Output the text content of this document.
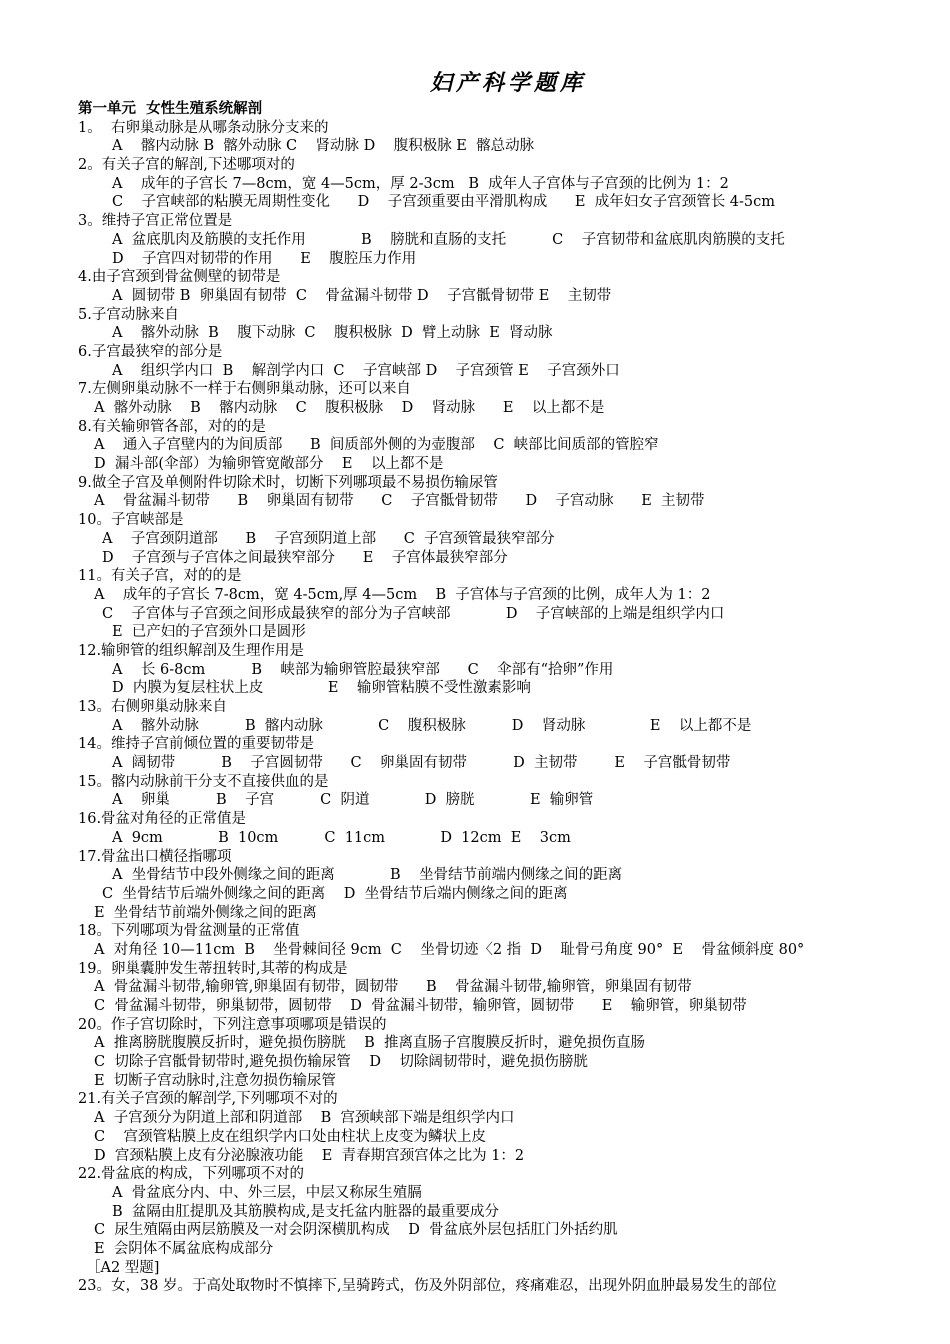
妇产科学题库
第一单元  女性生殖系统解剖
1。  右卵巢动脉是从哪条动脉分支来的
A    髂内动脉 B  髂外动脉 C    肾动脉 D    腹积极脉 E  髂总动脉
2。有关子宫的解剖,下述哪项对的
A    成年的子宫长 7—8cm，宽 4—5cm，厚 2-3cm   B  成年人子宫体与子宫颈的比例为 1：2
C    子宫峡部的粘膜无周期性变化      D    子宫颈重要由平滑肌构成      E  成年妇女子宫颈管长 4-5cm
3。维持子宫正常位置是
A  盆底肌肉及筋膜的支托作用            B    膀胱和直肠的支托          C    子宫韧带和盆底肌肉筋膜的支托
D    子宫四对韧带的作用      E    腹腔压力作用
4.由子宫颈到骨盆侧壁的韧带是
A  圆韧带 B  卵巢固有韧带  C    骨盆漏斗韧带 D    子宫骶骨韧带 E    主韧带
5.子宫动脉来自
A    髂外动脉  B    腹下动脉  C    腹积极脉  D  臂上动脉  E  肾动脉
6.子宫最狭窄的部分是
A    组织学内口  B    解剖学内口  C    子宫峡部 D    子宫颈管 E    子宫颈外口
7.左侧卵巢动脉不一样于右侧卵巢动脉，还可以来自
A  髂外动脉    B    髂内动脉    C    腹积极脉    D    肾动脉      E    以上都不是
8.有关输卵管各部，对的的是
A    通入子宫壁内的为间质部      B  间质部外侧的为壶腹部    C  峡部比间质部的管腔窄
D  漏斗部(伞部）为输卵管宽敞部分    E    以上都不是
9.做全子宫及单侧附件切除术时，切断下列哪项最不易损伤输尿管
A    骨盆漏斗韧带      B    卵巢固有韧带      C    子宫骶骨韧带      D    子宫动脉      E  主韧带
10。子宫峡部是
A    子宫颈阴道部      B    子宫颈阴道上部      C  子宫颈管最狭窄部分
D    子宫颈与子宫体之间最狭窄部分      E    子宫体最狭窄部分
11。有关子宫，对的的是
A    成年的子宫长 7-8cm，宽 4-5cm,厚 4—5cm    B  子宫体与子宫颈的比例，成年人为 1：2
C    子宫体与子宫颈之间形成最狭窄的部分为子宫峡部            D    子宫峡部的上端是组织学内口
E  已产妇的子宫颈外口是圆形
12.输卵管的组织解剖及生理作用是
A    长 6-8cm          B    峡部为输卵管腔最狭窄部      C    伞部有“拾卵”作用
D  内膜为复层柱状上皮              E    输卵管粘膜不受性激素影响
13。右侧卵巢动脉来自
A    髂外动脉          B  髂内动脉            C    腹积极脉          D    肾动脉              E    以上都不是
14。维持子宫前倾位置的重要韧带是
A  阔韧带          B    子宫圆韧带      C    卵巢固有韧带          D  主韧带        E    子宫骶骨韧带
15。髂内动脉前干分支不直接供血的是
A    卵巢          B    子宫          C  阴道            D  膀胱            E  输卵管
16.骨盆对角径的正常值是
A  9cm            B  10cm          C  11cm            D  12cm  E    3cm
17.骨盆出口横径指哪项
A  坐骨结节中段外侧缘之间的距离            B    坐骨结节前端内侧缘之间的距离
C  坐骨结节后端外侧缘之间的距离    D  坐骨结节后端内侧缘之间的距离
E  坐骨结节前端外侧缘之间的距离
18。下列哪项为骨盆测量的正常值
A  对角径 10—11cm  B    坐骨棘间径 9cm  C    坐骨切迹〈2 指  D    耻骨弓角度 90°  E    骨盆倾斜度 80°
19。卵巢囊肿发生蒂扭转时,其蒂的构成是
A  骨盆漏斗韧带,输卵管,卵巢固有韧带，圆韧带      B    骨盆漏斗韧带,输卵管，卵巢固有韧带
C  骨盆漏斗韧带，卵巢韧带，圆韧带    D  骨盆漏斗韧带，输卵管，圆韧带      E    输卵管，卵巢韧带
20。作子宫切除时，下列注意事项哪项是错误的
A  推离膀胱腹膜反折时，避免损伤膀胱    B  推离直肠子宫腹膜反折时，避免损伤直肠
C  切除子宫骶骨韧带时,避免损伤输尿管    D    切除阔韧带时，避免损伤膀胱
E  切断子宫动脉时,注意勿损伤输尿管
21.有关子宫颈的解剖学,下列哪项不对的
A  子宫颈分为阴道上部和阴道部    B  宫颈峡部下端是组织学内口
C    宫颈管粘膜上皮在组织学内口处由柱状上皮变为鳞状上皮
D  宫颈粘膜上皮有分泌腺液功能    E  青春期宫颈宫体之比为 1：2
22.骨盆底的构成，下列哪项不对的
A  骨盆底分内、中、外三层，中层又称尿生殖膈
B  盆隔由肛提肌及其筋膜构成,是支托盆内脏器的最重要成分
C  尿生殖隔由两层筋膜及一对会阴深横肌构成    D  骨盆底外层包括肛门外括约肌
E  会阴体不属盆底构成部分
［A2 型题]
23。女，38 岁。于高处取物时不慎摔下,呈骑跨式，伤及外阴部位，疼痛难忍，出现外阴血肿最易发生的部位
